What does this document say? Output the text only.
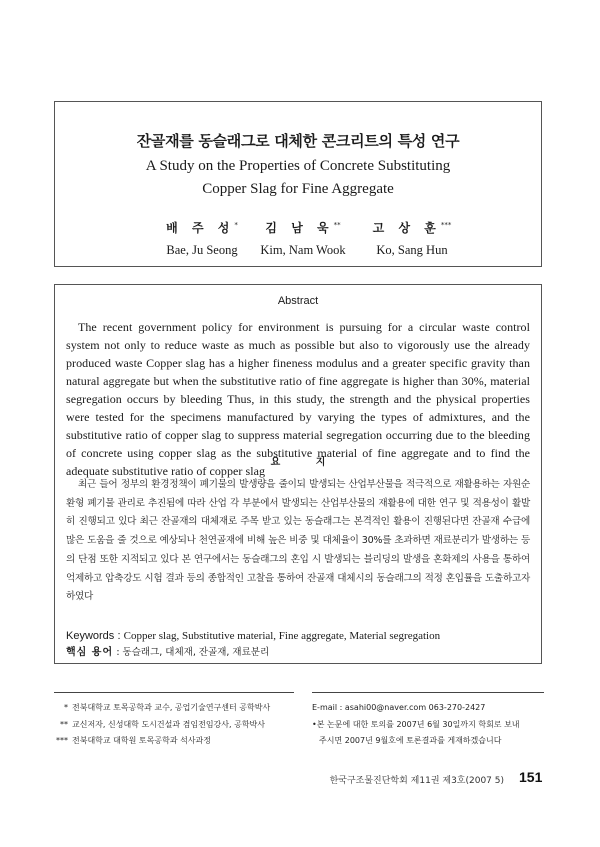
잔골재를 동슬래그로 대체한 콘크리트의 특성 연구
A Study on the Properties of Concrete Substituting
Copper Slag for Fine Aggregate
배 주 성*
Bae, Ju Seong
김 남 욱**
Kim, Nam Wook
고 상 훈***
Ko, Sang Hun
Abstract
The recent government policy for environment is pursuing for a circular waste control system not only to reduce waste as much as possible but also to vigorously use the already produced waste Copper slag has a higher fineness modulus and a greater specific gravity than natural aggregate but when the substitutive ratio of fine aggregate is higher than 30%, material segregation occurs by bleeding Thus, in this study, the strength and the physical properties were tested for the specimens manufactured by varying the types of admixtures, and the substitutive ratio of copper slag to suppress material segregation occurring due to the bleeding of concrete using copper slag as the substitutive material of fine aggregate and to find the adequate substitutive ratio of copper slag
요 지
최근 들어 정부의 환경정책이 폐기물의 발생량을 줄이되 발생되는 산업부산물을 적극적으로 재활용하는 자원순환형 폐기물 관리로 추진됨에 따라 산업 각 부분에서 발생되는 산업부산물의 재활용에 대한 연구 및 적용성이 활발히 진행되고 있다 최근 잔골재의 대체재로 주목 받고 있는 동슬래그는 본격적인 활용이 진행된다면 잔골재 수급에 많은 도움을 줄 것으로 예상되나 천연골재에 비해 높은 비중 및 대체율이 30%를 초과하면 재료분리가 발생하는 등의 단점 또한 지적되고 있다 본 연구에서는 동슬래그의 혼입 시 발생되는 블리딩의 발생을 혼화제의 사용을 통하여 억제하고 압축강도 시험 결과 등의 종합적인 고찰을 통하여 잔골재 대체시의 동슬래그의 적정 혼입률을 도출하고자 하였다
Keywords : Copper slag, Substitutive material, Fine aggregate, Material segregation
핵심 용어 : 동슬래그, 대체재, 잔골재, 재료분리
* 전북대학교 토목공학과 교수, 공업기술연구센터 공학박사
** 교신저자, 신성대학 도시건설과 겸임전임강사, 공학박사
*** 전북대학교 대학원 토목공학과 석사과정
E-mail : asahi00@naver.com 063-270-2427
•본 논문에 대한 토의를 2007년 6월 30일까지 학회로 보내
주시면 2007년 9월호에 토론결과를 게재하겠습니다
한국구조물진단학회 제11권 제3호(2007 5) 151
